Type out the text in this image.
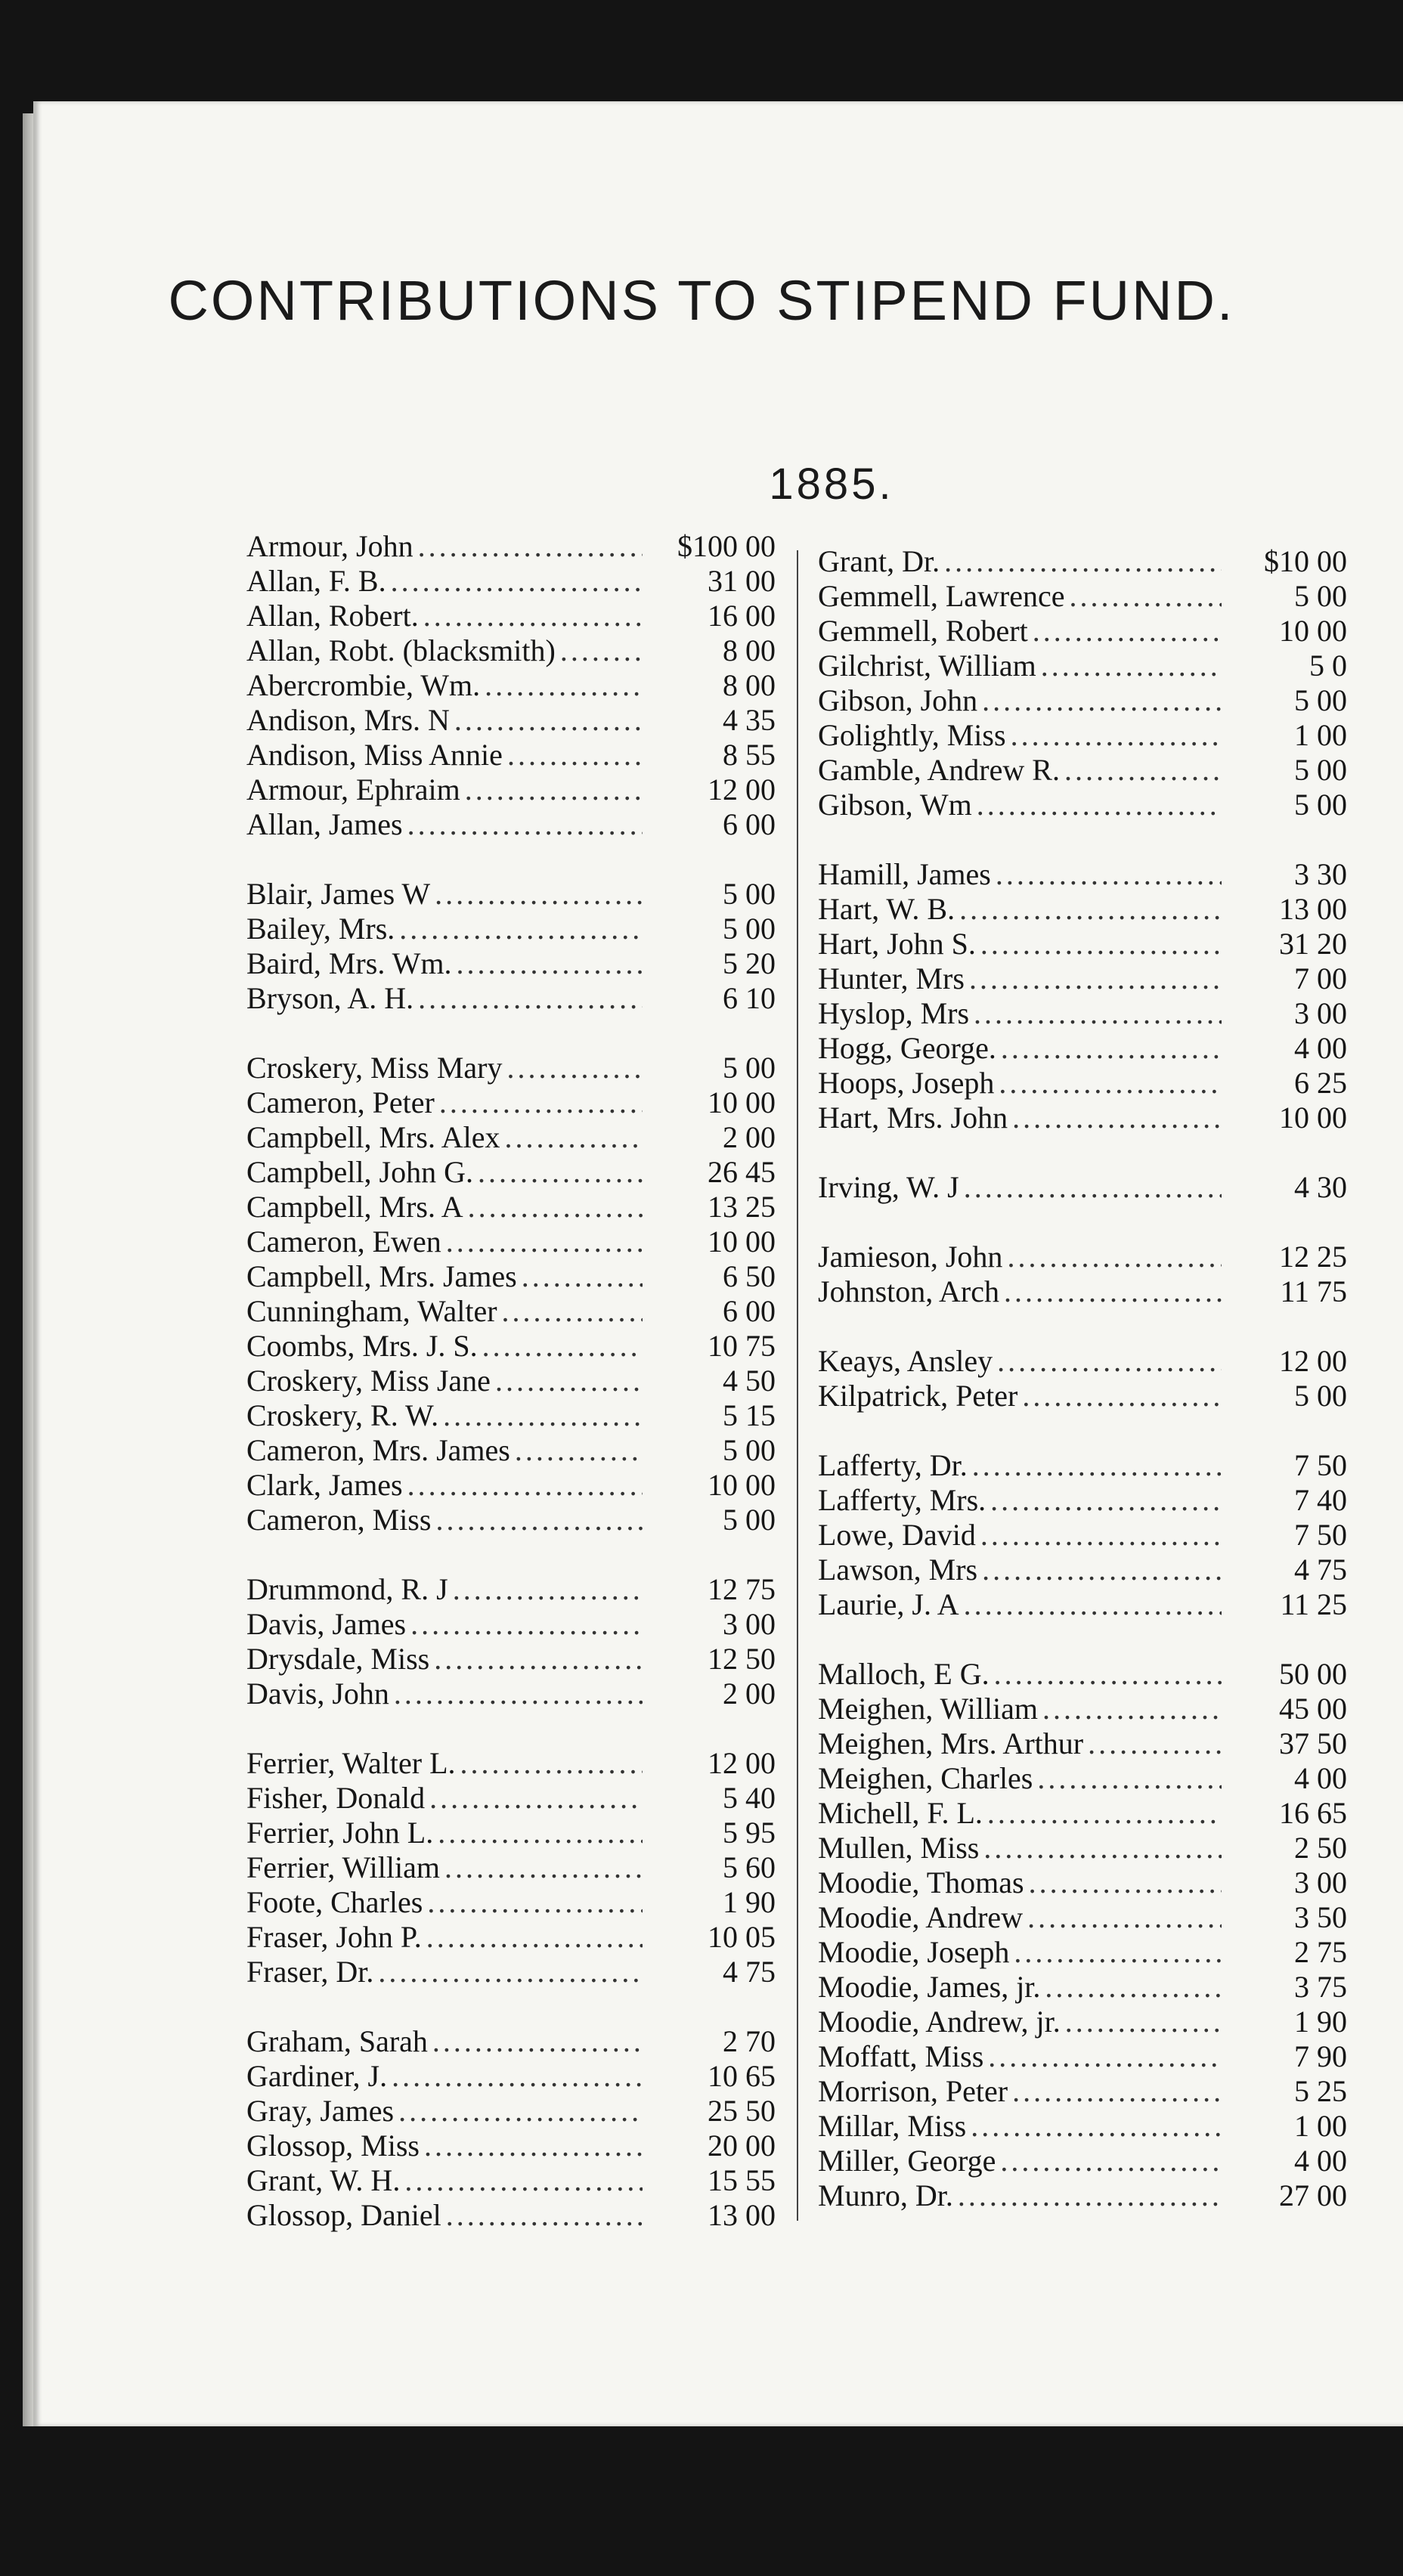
CONTRIBUTIONS TO STIPEND FUND.
1885.
Armour, John .....	$100 00
Allan, F. B. .....	31 00
Allan, Robert. .....	16 00
Allan, Robt. (blacksmith) .....	8 00
Abercrombie, Wm. .....	8 00
Andison, Mrs. N .....	4 35
Andison, Miss Annie .....	8 55
Armour, Ephraim .....	12 00
Allan, James .....	6 00
Blair, James W .....	5 00
Bailey, Mrs. .....	5 00
Baird, Mrs. Wm. .....	5 20
Bryson, A. H. .....	6 10
Croskery, Miss Mary .....	5 00
Cameron, Peter .....	10 00
Campbell, Mrs. Alex .....	2 00
Campbell, John G. .....	26 45
Campbell, Mrs. A .....	13 25
Cameron, Ewen .....	10 00
Campbell, Mrs. James .....	6 50
Cunningham, Walter .....	6 00
Coombs, Mrs. J. S. .....	10 75
Croskery, Miss Jane .....	4 50
Croskery, R. W. .....	5 15
Cameron, Mrs. James .....	5 00
Clark, James .....	10 00
Cameron, Miss .....	5 00
Drummond, R. J .....	12 75
Davis, James .....	3 00
Drysdale, Miss .....	12 50
Davis, John .....	2 00
Ferrier, Walter L. .....	12 00
Fisher, Donald .....	5 40
Ferrier, John L. .....	5 95
Ferrier, William .....	5 60
Foote, Charles .....	1 90
Fraser, John P. .....	10 05
Fraser, Dr. .....	4 75
Graham, Sarah .....	2 70
Gardiner, J. .....	10 65
Gray, James .....	25 50
Glossop, Miss .....	20 00
Grant, W. H. .....	15 55
Glossop, Daniel .....	13 00
Grant, Dr. .....	$10 00
Gemmell, Lawrence .....	5 00
Gemmell, Robert .....	10 00
Gilchrist, William .....	5 0
Gibson, John .....	5 00
Golightly, Miss .....	1 00
Gamble, Andrew R. .....	5 00
Gibson, Wm .....	5 00
Hamill, James .....	3 30
Hart, W. B. .....	13 00
Hart, John S. .....	31 20
Hunter, Mrs .....	7 00
Hyslop, Mrs .....	3 00
Hogg, George. .....	4 00
Hoops, Joseph .....	6 25
Hart, Mrs. John .....	10 00
Irving, W. J .....	4 30
Jamieson, John .....	12 25
Johnston, Arch .....	11 75
Keays, Ansley .....	12 00
Kilpatrick, Peter .....	5 00
Lafferty, Dr. .....	7 50
Lafferty, Mrs. .....	7 40
Lowe, David .....	7 50
Lawson, Mrs .....	4 75
Laurie, J. A .....	11 25
Malloch, E G. .....	50 00
Meighen, William .....	45 00
Meighen, Mrs. Arthur .....	37 50
Meighen, Charles .....	4 00
Michell, F. L. .....	16 65
Mullen, Miss .....	2 50
Moodie, Thomas .....	3 00
Moodie, Andrew .....	3 50
Moodie, Joseph .....	2 75
Moodie, James, jr. .....	3 75
Moodie, Andrew, jr. .....	1 90
Moffatt, Miss .....	7 90
Morrison, Peter .....	5 25
Millar, Miss .....	1 00
Miller, George .....	4 00
Munro, Dr. .....	27 00
